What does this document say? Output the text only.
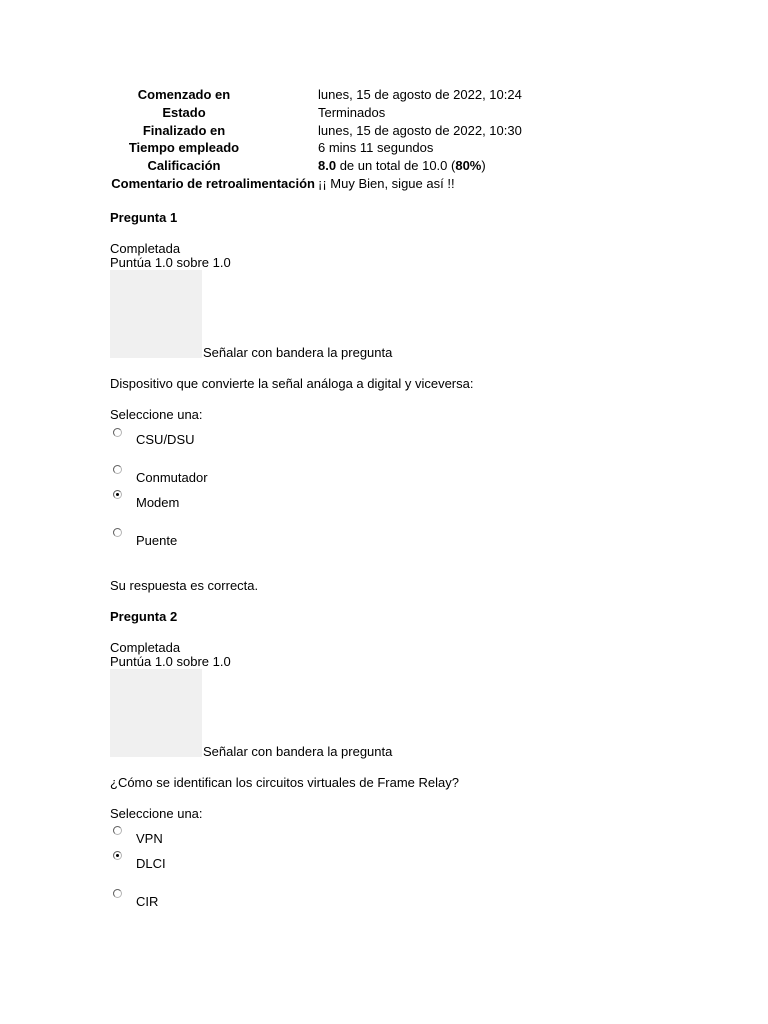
Comenzado en	lunes, 15 de agosto de 2022, 10:24
Estado	Terminados
Finalizado en	lunes, 15 de agosto de 2022, 10:30
Tiempo empleado	6 mins 11 segundos
Calificación	8.0 de un total de 10.0 (80%)
Comentario de retroalimentación ¡¡ Muy Bien, sigue así !!
Pregunta 1
Completada
Puntúa 1.0 sobre 1.0
Señalar con bandera la pregunta
Dispositivo que convierte la señal análoga a digital y viceversa:
Seleccione una:
CSU/DSU
Conmutador
Modem
Puente
Su respuesta es correcta.
Pregunta 2
Completada
Puntúa 1.0 sobre 1.0
Señalar con bandera la pregunta
¿Cómo se identifican los circuitos virtuales de Frame Relay?
Seleccione una:
VPN
DLCI
CIR
